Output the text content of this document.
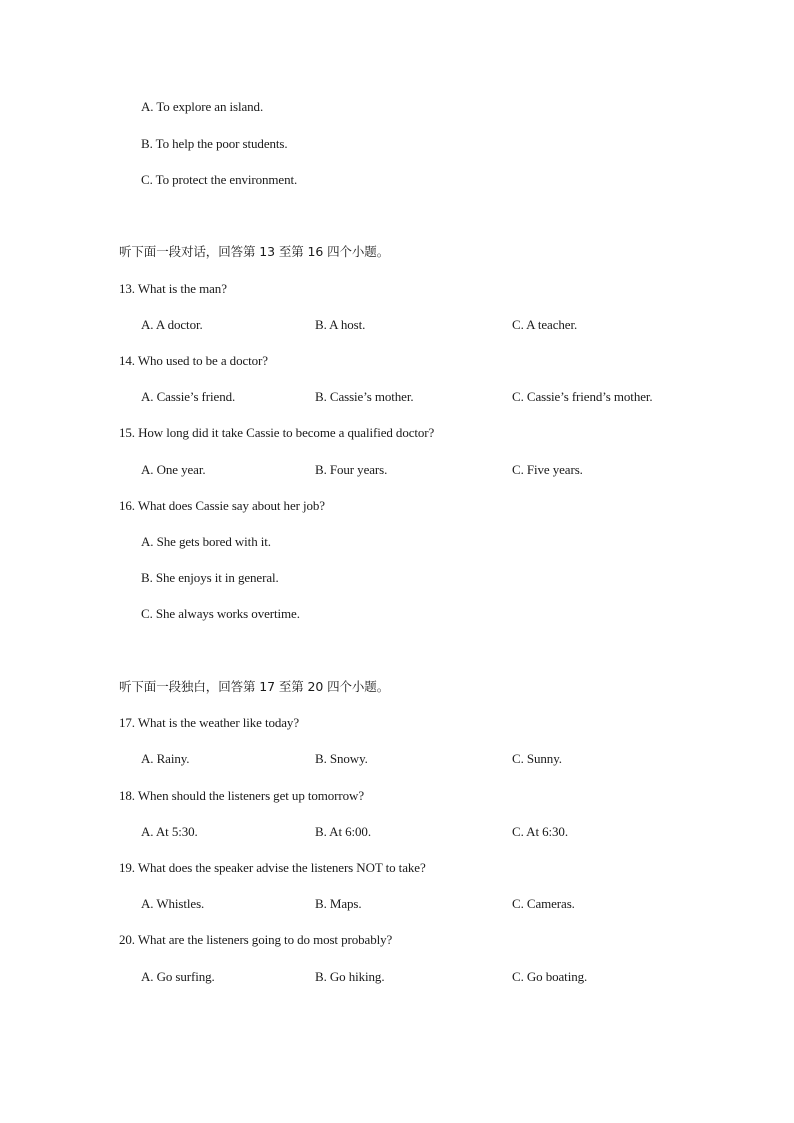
A. To explore an island.
B. To help the poor students.
C. To protect the environment.
听下面一段对话，回答第 13 至第 16 四个小题。
13. What is the man?
A. A doctor.	B. A host.	C. A teacher.
14. Who used to be a doctor?
A. Cassie’s friend.	B. Cassie’s mother.	C. Cassie’s friend’s mother.
15. How long did it take Cassie to become a qualified doctor?
A. One year.	B. Four years.	C. Five years.
16. What does Cassie say about her job?
A. She gets bored with it.
B. She enjoys it in general.
C. She always works overtime.
听下面一段独白，回答第 17 至第 20 四个小题。
17. What is the weather like today?
A. Rainy.	B. Snowy.	C. Sunny.
18. When should the listeners get up tomorrow?
A. At 5:30.	B. At 6:00.	C. At 6:30.
19. What does the speaker advise the listeners NOT to take?
A. Whistles.	B. Maps.	C. Cameras.
20. What are the listeners going to do most probably?
A. Go surfing.	B. Go hiking.	C. Go boating.
